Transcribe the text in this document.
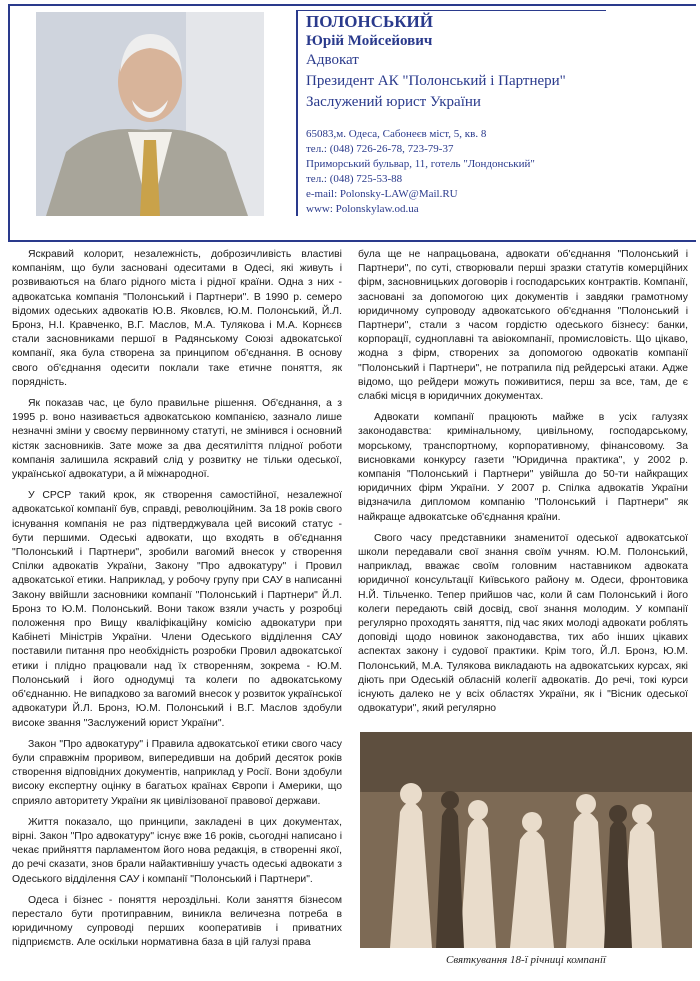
ПОЛОНСЬКИЙ
Юрій Мойсейович
Адвокат
Президент АК "Полонський і Партнери"
Заслужений юрист України
65083,м. Одеса, Сабонеєв міст, 5, кв. 8
тел.: (048) 726-26-78, 723-79-37
Приморський бульвар, 11, готель "Лондонський"
тел.: (048) 725-53-88
e-mail: Polonsky-LAW@Mail.RU
www: Polonskylaw.od.ua

Яскравий колорит, незалежність, доброзичливість властиві компаніям, що були засновані одеситами в Одесі, які живуть і розвиваються на благо рідного міста і рідної країни. Одна з них - адвокатська компанія "Полонський і Партнери". В 1990 р. семеро відомих одеських адвокатів Ю.В. Яковлєв, Ю.М. Полонський, Й.Л. Бронз, Н.І. Кравченко, В.Г. Маслов, М.А. Тулякова і М.А. Корнєєв стали засновниками першої в Радянському Союзі адвокатської компанії, яка була створена за принципом об'єднання. В основу свого об'єднання одесити поклали таке етичне поняття, як порядність.

Як показав час, це було правильне рішення. Об'єднання, а з 1995 р. воно називається адвокатською компанією, зазнало лише незначні зміни у своєму первинному статуті, не змінився і основний кістяк засновників. Зате може за два десятиліття плідної роботи компанія залишила яскравий слід у розвитку не тільки одеської, української адвокатури, а й міжнародної.

У СРСР такий крок, як створення самостійної, незалежної адвокатської компанії був, справді, революційним. За 18 років свого існування компанія не раз підтверджувала цей високий статус - бути першими. Одеські адвокати, що входять в об'єднання "Полонський і Партнери", зробили вагомий внесок у створення Спілки адвокатів України, Закону "Про адвокатуру" і Провил адвокатської етики. Наприклад, у робочу групу при САУ в написанні Закону ввійшли засновники компанії "Полонський і Партнери" Й.Л. Бронз то Ю.М. Полонський. Вони також взяли участь у розробці положення про Вищу кваліфікаційну комісію адвокатури при Кабінеті Міністрів України. Члени Одеського відділення САУ поставили питання про необхідність розробки Провил адвокатської етики і плідно працювали над їх створенням, зокрема - Ю.М. Полонський і його однодумці та колеги по адвокатському об'єднанню. Не випадково за вагомий внесок у розвиток української адвокатури Й.Л. Бронз, Ю.М. Полонський і В.Г. Маслов здобули високе звання "Заслужений юрист України".

Закон "Про адвокатуру" і Правила адвокатської етики свого часу були справжнім проривом, випередивши на добрий десяток років створення відповідних документів, наприклад у Росії. Вони здобули високу експертну оцінку в багатьох країнах Європи і Америки, що сприяло авторитету України як цивілізованої правової держави.

Життя показало, що принципи, закладені в цих документах, вірні. Закон "Про адвокатуру" існує вже 16 років, сьогодні написано і чекає прийняття парламентом його нова редакція, в створенні якої, до речі сказати, знов брали найактивнішу участь одеські адвокати з Одеського відділення САУ і компанії "Полонський і Партнери".

Одеса і бізнес - поняття нероздільні. Коли заняття бізнесом перестало бути протиправним, виникла величезна потреба в юридичному супроводі перших кооперативів і приватних підприємств. Але оскільки нормативна база в цій галузі права

була ще не напрацьована, адвокати об'єднання "Полонський і Партнери", по суті, створювали перші зразки статутів комерційних фірм, засновницьких договорів і господарських контрактів. Компанії, засновані за допомогою цих документів і завдяки грамотному юридичному супроводу адвокатського об'єднання "Полонський і Партнери", стали з часом гордістю одеського бізнесу: банки, корпорації, судноплавні та авіокомпанії, промисловість. Що цікаво, жодна з фірм, створених за допомогою одвокатів компанії "Полонський і Партнери", не потрапила під рейдерські атаки. Адже відомо, що рейдери можуть поживитися, перш за все, там, де є слабкі місця в юридичних документах.

Адвокати компанії працюють майже в усіх галузях законодавства: кримінальному, цивільному, господарському, морському, транспортному, корпоративному, фінансовому. За висновками конкурсу газети "Юридична практика", у 2002 р. компанія "Полонський і Партнери" увійшла до 50-ти найкращих юридичних фірм України. У 2007 р. Спілка адвокатів України відзначила дипломом компанію "Полонський і Партнери" як найкраще адвокатське об'єднання країни.

Свого часу представники знаменитої одеської адвокатської школи передавали свої знання своїм учням. Ю.М. Полонський, наприклад, вважає своїм головним наставником адвоката юридичної консультації Київського району м. Одеси, фронтовика Н.Й. Тільченко. Тепер прийшов час, коли й сам Полонський і його колеги передають свій досвід, свої знання молодим. У компанії регулярно проходять заняття, під час яких молоді адвокати роблять доповіді щодо новинок законодавства, тих або інших цікавих аспектах закону і судової практики. Крім того, Й.Л. Бронз, Ю.М. Полонський, М.А. Тулякова викладають на адвокатських курсах, які діють при Одеській обласній колегії адвокатів. До речі, токі курси існують далеко не у всіх областях України, як і "Вісник одеської одвокатури", який регулярно

Святкування 18-ї річниці компанії
